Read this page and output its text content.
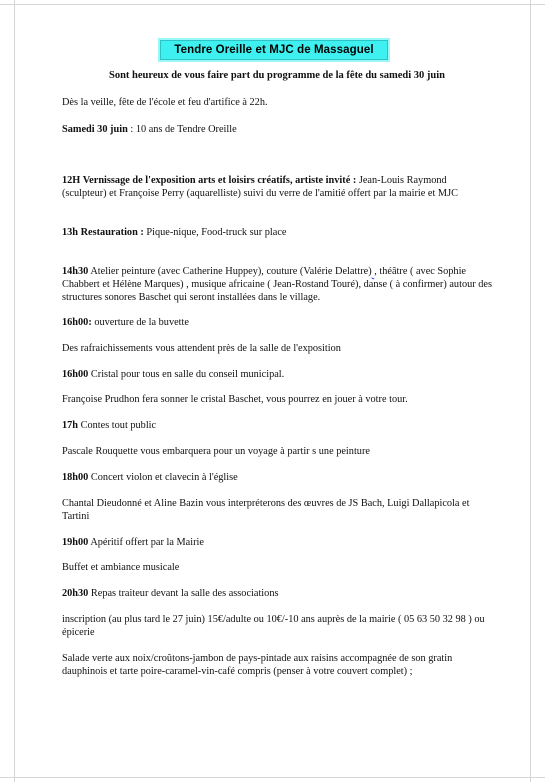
Tendre Oreille et MJC de Massaguel
Sont heureux de vous faire part du programme de la fête du samedi 30 juin
Dès la veille, fête de l'école et feu d'artifice à 22h.
Samedi 30 juin : 10 ans de Tendre Oreille
12H Vernissage de l'exposition arts et loisirs créatifs, artiste invité : Jean-Louis Raymond (sculpteur) et Françoise Perry (aquarelliste) suivi du verre de l'amitié offert par la mairie et MJC
13h Restauration : Pique-nique, Food-truck sur place
14h30 Atelier peinture (avec Catherine Huppey), couture (Valérie Delattre) , théâtre ( avec Sophie Chabbert et Hélène Marques) , musique africaine ( Jean-Rostand Touré), danse ( à confirmer) autour des structures sonores Baschet qui seront installées dans le village.
16h00: ouverture de la buvette
Des rafraichissements vous attendent près de la salle de l'exposition
16h00 Cristal pour tous en salle du conseil municipal.
Françoise Prudhon fera sonner le cristal Baschet, vous pourrez en jouer à votre tour.
17h Contes tout public
Pascale Rouquette vous embarquera pour un voyage à partir s une peinture
18h00 Concert violon et clavecin à l'église
Chantal Dieudonné et Aline Bazin vous interpréterons des œuvres de JS Bach, Luigi Dallapicola et Tartini
19h00 Apéritif offert par la Mairie
Buffet et ambiance musicale
20h30 Repas traiteur devant la salle des associations
inscription (au plus tard le 27 juin) 15€/adulte ou 10€/-10 ans auprès de la mairie ( 05 63 50 32 98 ) ou épicerie
Salade verte aux noix/croûtons-jambon de pays-pintade aux raisins accompagnée de son gratin dauphinois et tarte poire-caramel-vin-café compris (penser à votre couvert complet) ;
